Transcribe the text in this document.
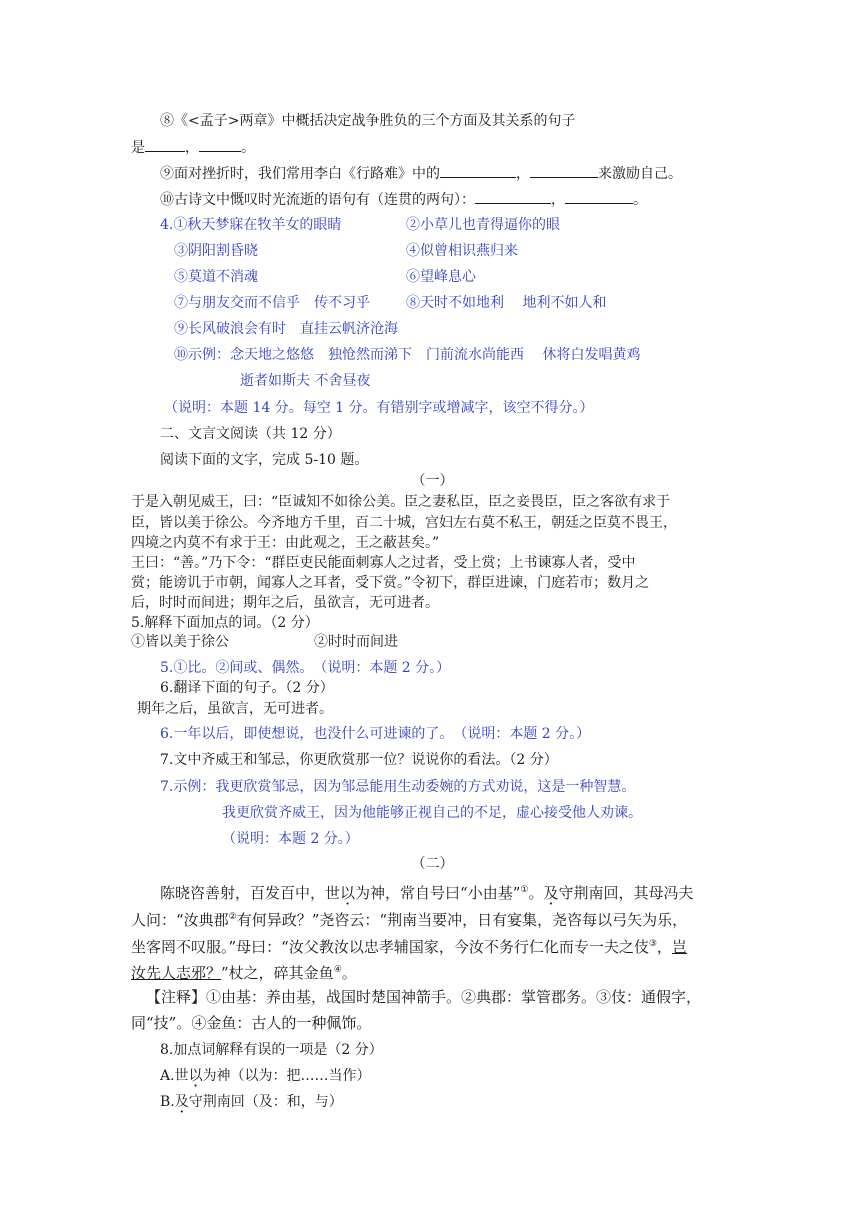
⑧《<孟子>两章》中概括决定战争胜负的三个方面及其关系的句子
是	，	。
⑨面对挫折时，我们常用李白《行路难》中的	，	来激励自己。
⑩古诗文中慨叹时光流逝的语句有（连贯的两句）：	，	。
4.①秋天梦寐在牧羊女的眼睛	②小草儿也青得逼你的眼
③阴阳割昏晓	④似曾相识燕归来
⑤莫道不消魂	⑥望峰息心
⑦与朋友交而不信乎　传不习乎	⑧天时不如地利　 地利不如人和
⑨长风破浪会有时　直挂云帆济沧海
⑩示例：念天地之悠悠　独怆然而涕下　门前流水尚能西　 休将白发唱黄鸡
逝者如斯夫 不舍昼夜
（说明：本题 14 分。每空 1 分。有错别字或增减字，该空不得分。）
二、文言文阅读（共 12 分）
阅读下面的文字，完成 5-10 题。
（一）
于是入朝见威王，曰：“臣诚知不如徐公美。臣之妻私臣，臣之妾畏臣，臣之客欲有求于
臣，皆以美于徐公。今齐地方千里，百二十城，宫妇左右莫不私王，朝廷之臣莫不畏王，
四境之内莫不有求于王：由此观之，王之蔽甚矣。”
王曰：“善。”乃下令：“群臣吏民能面刺寡人之过者，受上赏；上书谏寡人者，受中
赏；能谤讥于市朝，闻寡人之耳者，受下赏。”令初下，群臣进谏，门庭若市；数月之
后，时时而间进；期年之后，虽欲言，无可进者。
5.解释下面加点的词。（2 分）
①皆以美于徐公	②时时而间进
5.①比。②间或、偶然。　（说明：本题 2 分。）
6.翻译下面的句子。（2 分）
期年之后，虽欲言，无可进者。
6.一年以后，即使想说，也没什么可进谏的了。　（说明：本题 2 分。）
7.文中齐威王和邹忌，你更欣赏那一位？说说你的看法。（2 分）
7.示例：我更欣赏邹忌，因为邹忌能用生动委婉的方式劝说，这是一种智慧。
我更欣赏齐威王，因为他能够正视自己的不足，虚心接受他人劝谏。
（说明：本题 2 分。）
（二）
陈晓咨善射，百发百中，世以为神，常自号曰“小由基”①。及守荆南回，其母冯夫
人问：“汝典郡②有何异政？”尧咨云：“荆南当要冲，日有宴集，尧咨每以弓矢为乐，
坐客罔不叹服。”母曰：“汝父教汝以忠孝辅国家，今汝不务行仁化而专一夫之伎③，岂
汝先人志邪？”杖之，碎其金鱼④。
【注释】①由基：养由基，战国时楚国神箭手。②典郡：掌管郡务。③伎：通假字，
同“技”。④金鱼：古人的一种佩饰。
8.加点词解释有误的一项是（2 分）
A.世以为神（以为：把……当作）
B.及守荆南回（及：和，与）
